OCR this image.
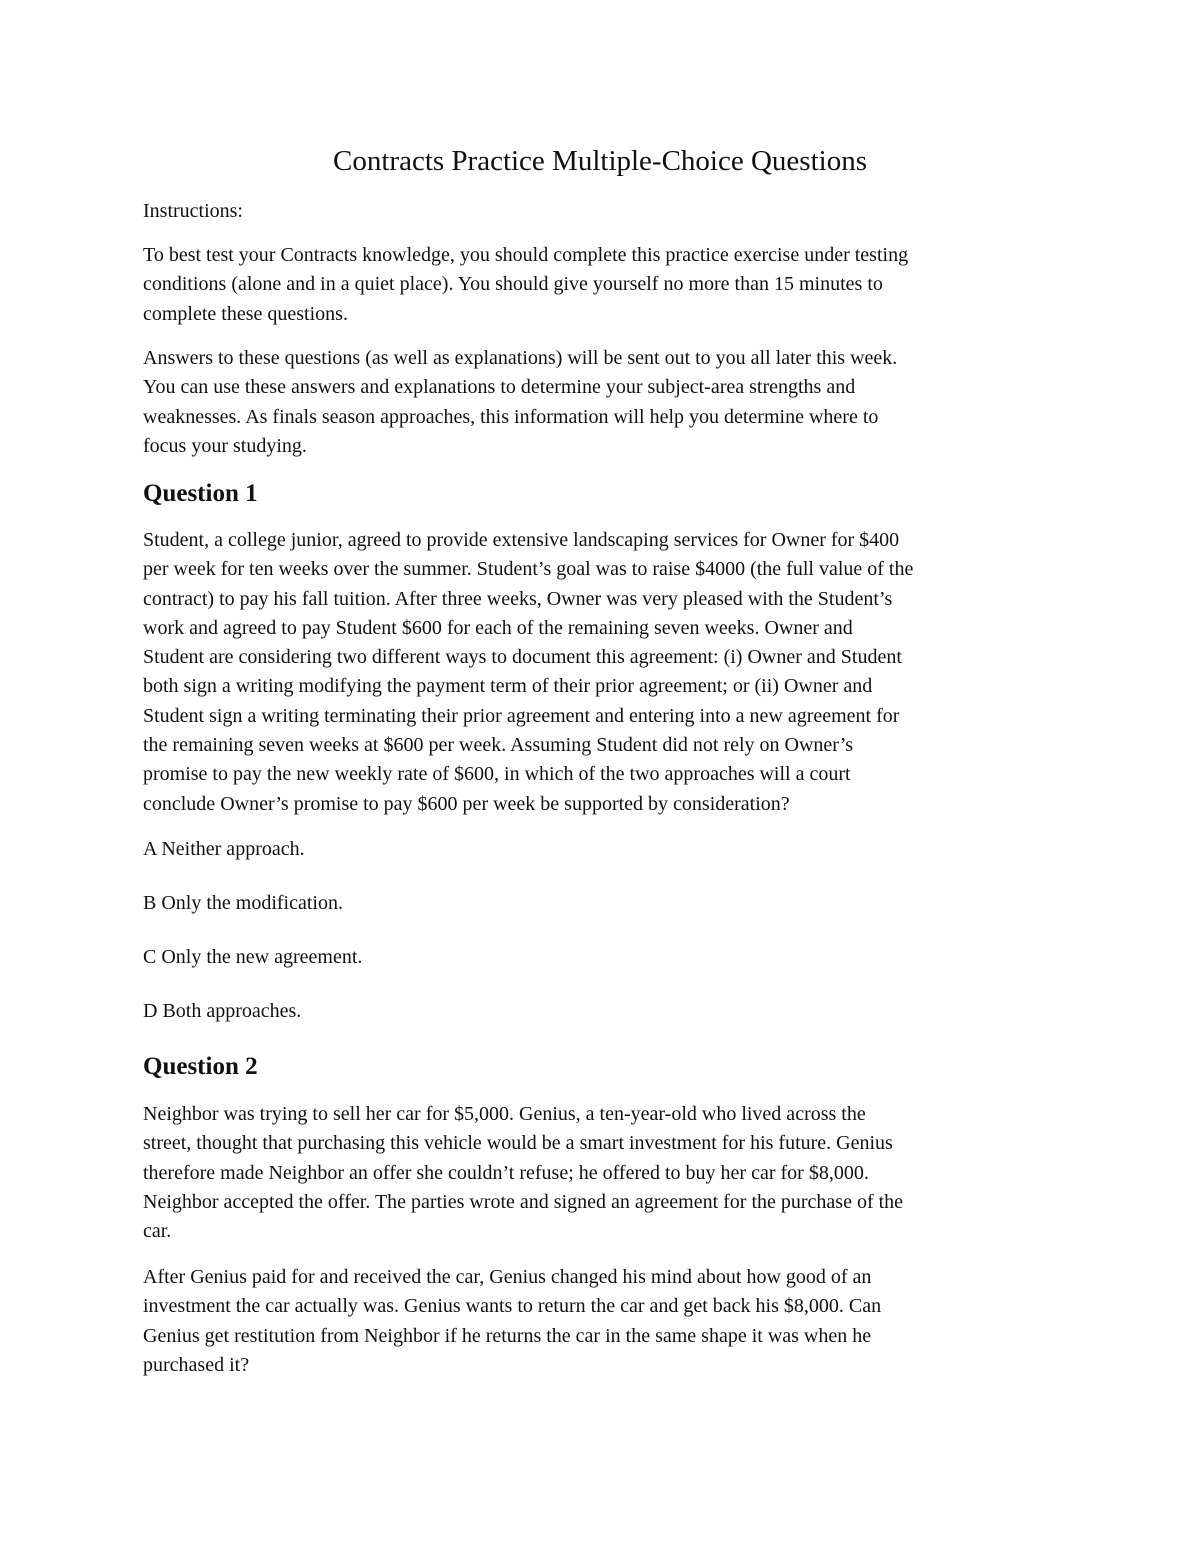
Contracts Practice Multiple-Choice Questions

Instructions:

To best test your Contracts knowledge, you should complete this practice exercise under testing
conditions (alone and in a quiet place). You should give yourself no more than 15 minutes to
complete these questions.

Answers to these questions (as well as explanations) will be sent out to you all later this week.
You can use these answers and explanations to determine your subject-area strengths and
weaknesses. As finals season approaches, this information will help you determine where to
focus your studying.

Question 1

Student, a college junior, agreed to provide extensive landscaping services for Owner for $400
per week for ten weeks over the summer. Student’s goal was to raise $4000 (the full value of the
contract) to pay his fall tuition. After three weeks, Owner was very pleased with the Student’s
work and agreed to pay Student $600 for each of the remaining seven weeks. Owner and
Student are considering two different ways to document this agreement: (i) Owner and Student
both sign a writing modifying the payment term of their prior agreement; or (ii) Owner and
Student sign a writing terminating their prior agreement and entering into a new agreement for
the remaining seven weeks at $600 per week. Assuming Student did not rely on Owner’s
promise to pay the new weekly rate of $600, in which of the two approaches will a court
conclude Owner’s promise to pay $600 per week be supported by consideration?

A Neither approach.

B Only the modification.

C Only the new agreement.

D Both approaches.

Question 2

Neighbor was trying to sell her car for $5,000. Genius, a ten-year-old who lived across the
street, thought that purchasing this vehicle would be a smart investment for his future. Genius
therefore made Neighbor an offer she couldn’t refuse; he offered to buy her car for $8,000.
Neighbor accepted the offer. The parties wrote and signed an agreement for the purchase of the
car.

After Genius paid for and received the car, Genius changed his mind about how good of an
investment the car actually was. Genius wants to return the car and get back his $8,000. Can
Genius get restitution from Neighbor if he returns the car in the same shape it was when he
purchased it?
